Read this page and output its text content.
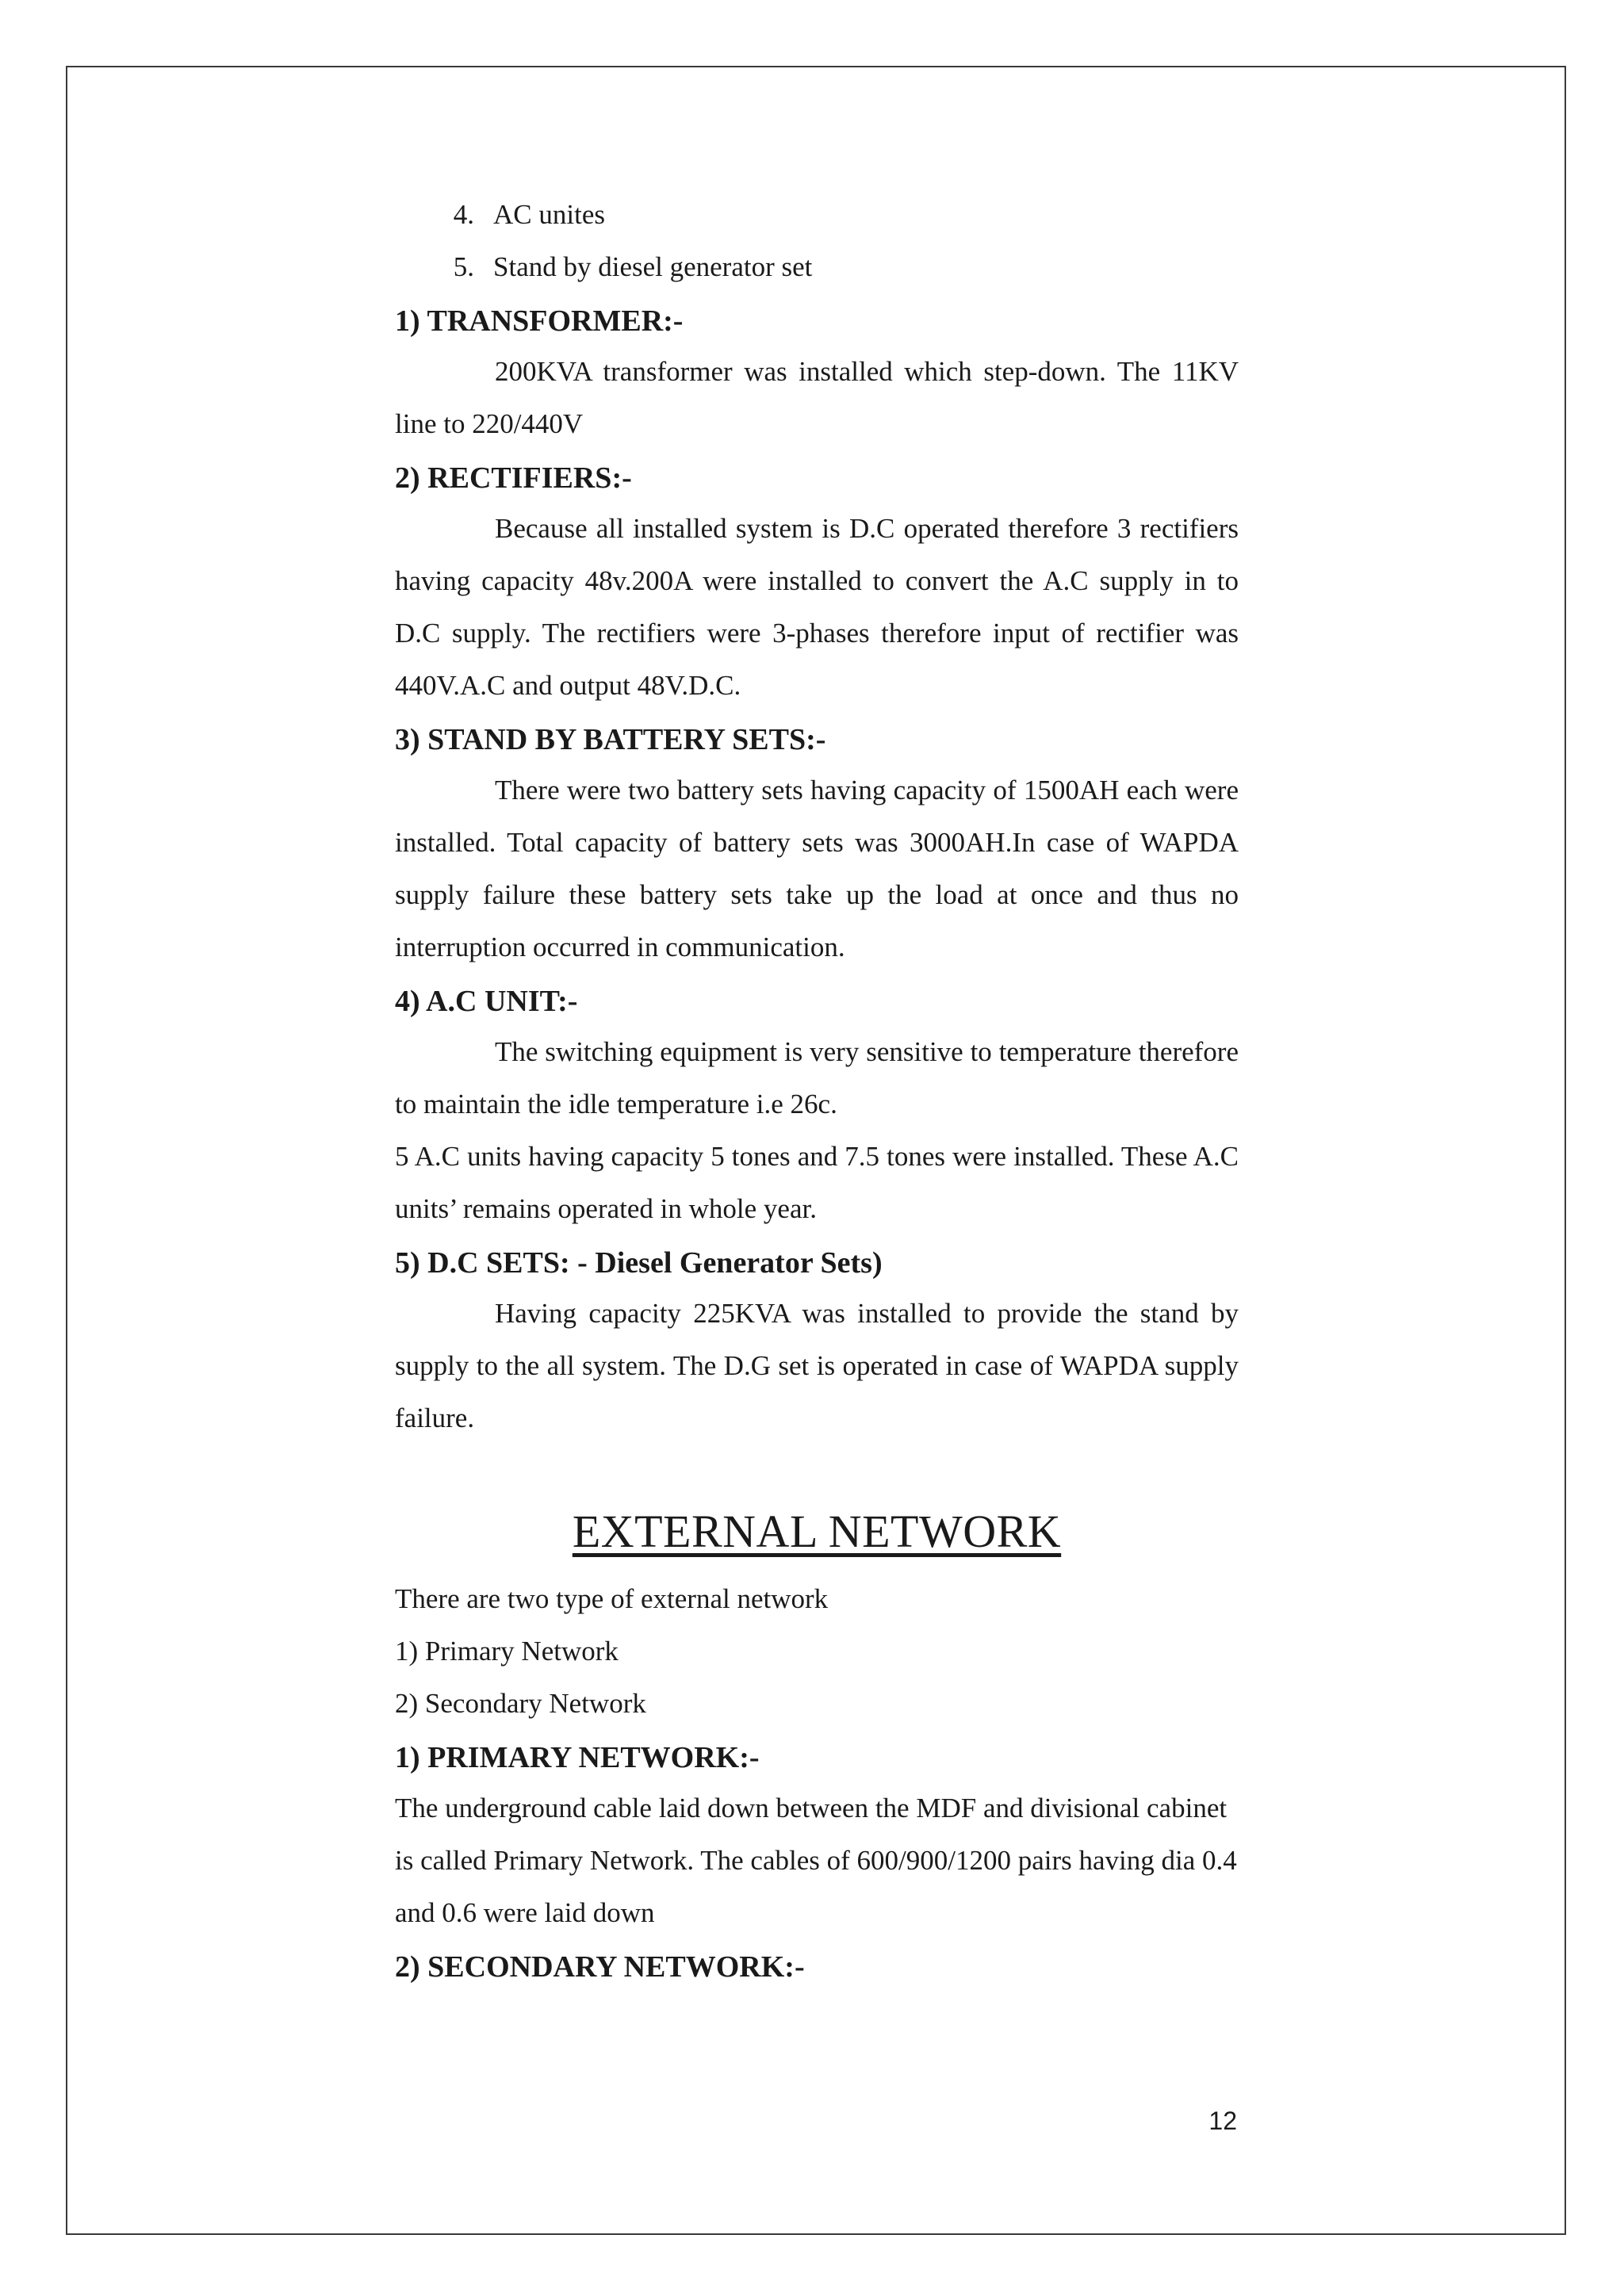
4. AC unites
5. Stand by diesel generator set
1) TRANSFORMER:-

200KVA transformer was installed which step-down. The 11KV line to 220/440V

2) RECTIFIERS:-

Because all installed system is D.C operated therefore 3 rectifiers having capacity 48v.200A were installed to convert the A.C supply in to D.C supply. The rectifiers were 3-phases therefore input of rectifier was 440V.A.C and output 48V.D.C.

3) STAND BY BATTERY SETS:-

There were two battery sets having capacity of 1500AH each were installed. Total capacity of battery sets was 3000AH.In case of WAPDA supply failure these battery sets take up the load at once and thus no interruption occurred in communication.

4) A.C UNIT:-

The switching equipment is very sensitive to temperature therefore to maintain the idle temperature i.e 26c.

5 A.C units having capacity 5 tones and 7.5 tones were installed. These A.C units’ remains operated in whole year.

5) D.C SETS: - Diesel Generator Sets)

Having capacity 225KVA was installed to provide the stand by supply to the all system. The D.G set is operated in case of WAPDA supply failure.

EXTERNAL NETWORK

There are two type of external network

1) Primary Network

2) Secondary Network

1) PRIMARY NETWORK:-

The underground cable laid down between the MDF and divisional cabinet is called Primary Network. The cables of 600/900/1200 pairs having dia 0.4 and 0.6 were laid down

2) SECONDARY NETWORK:-
12
